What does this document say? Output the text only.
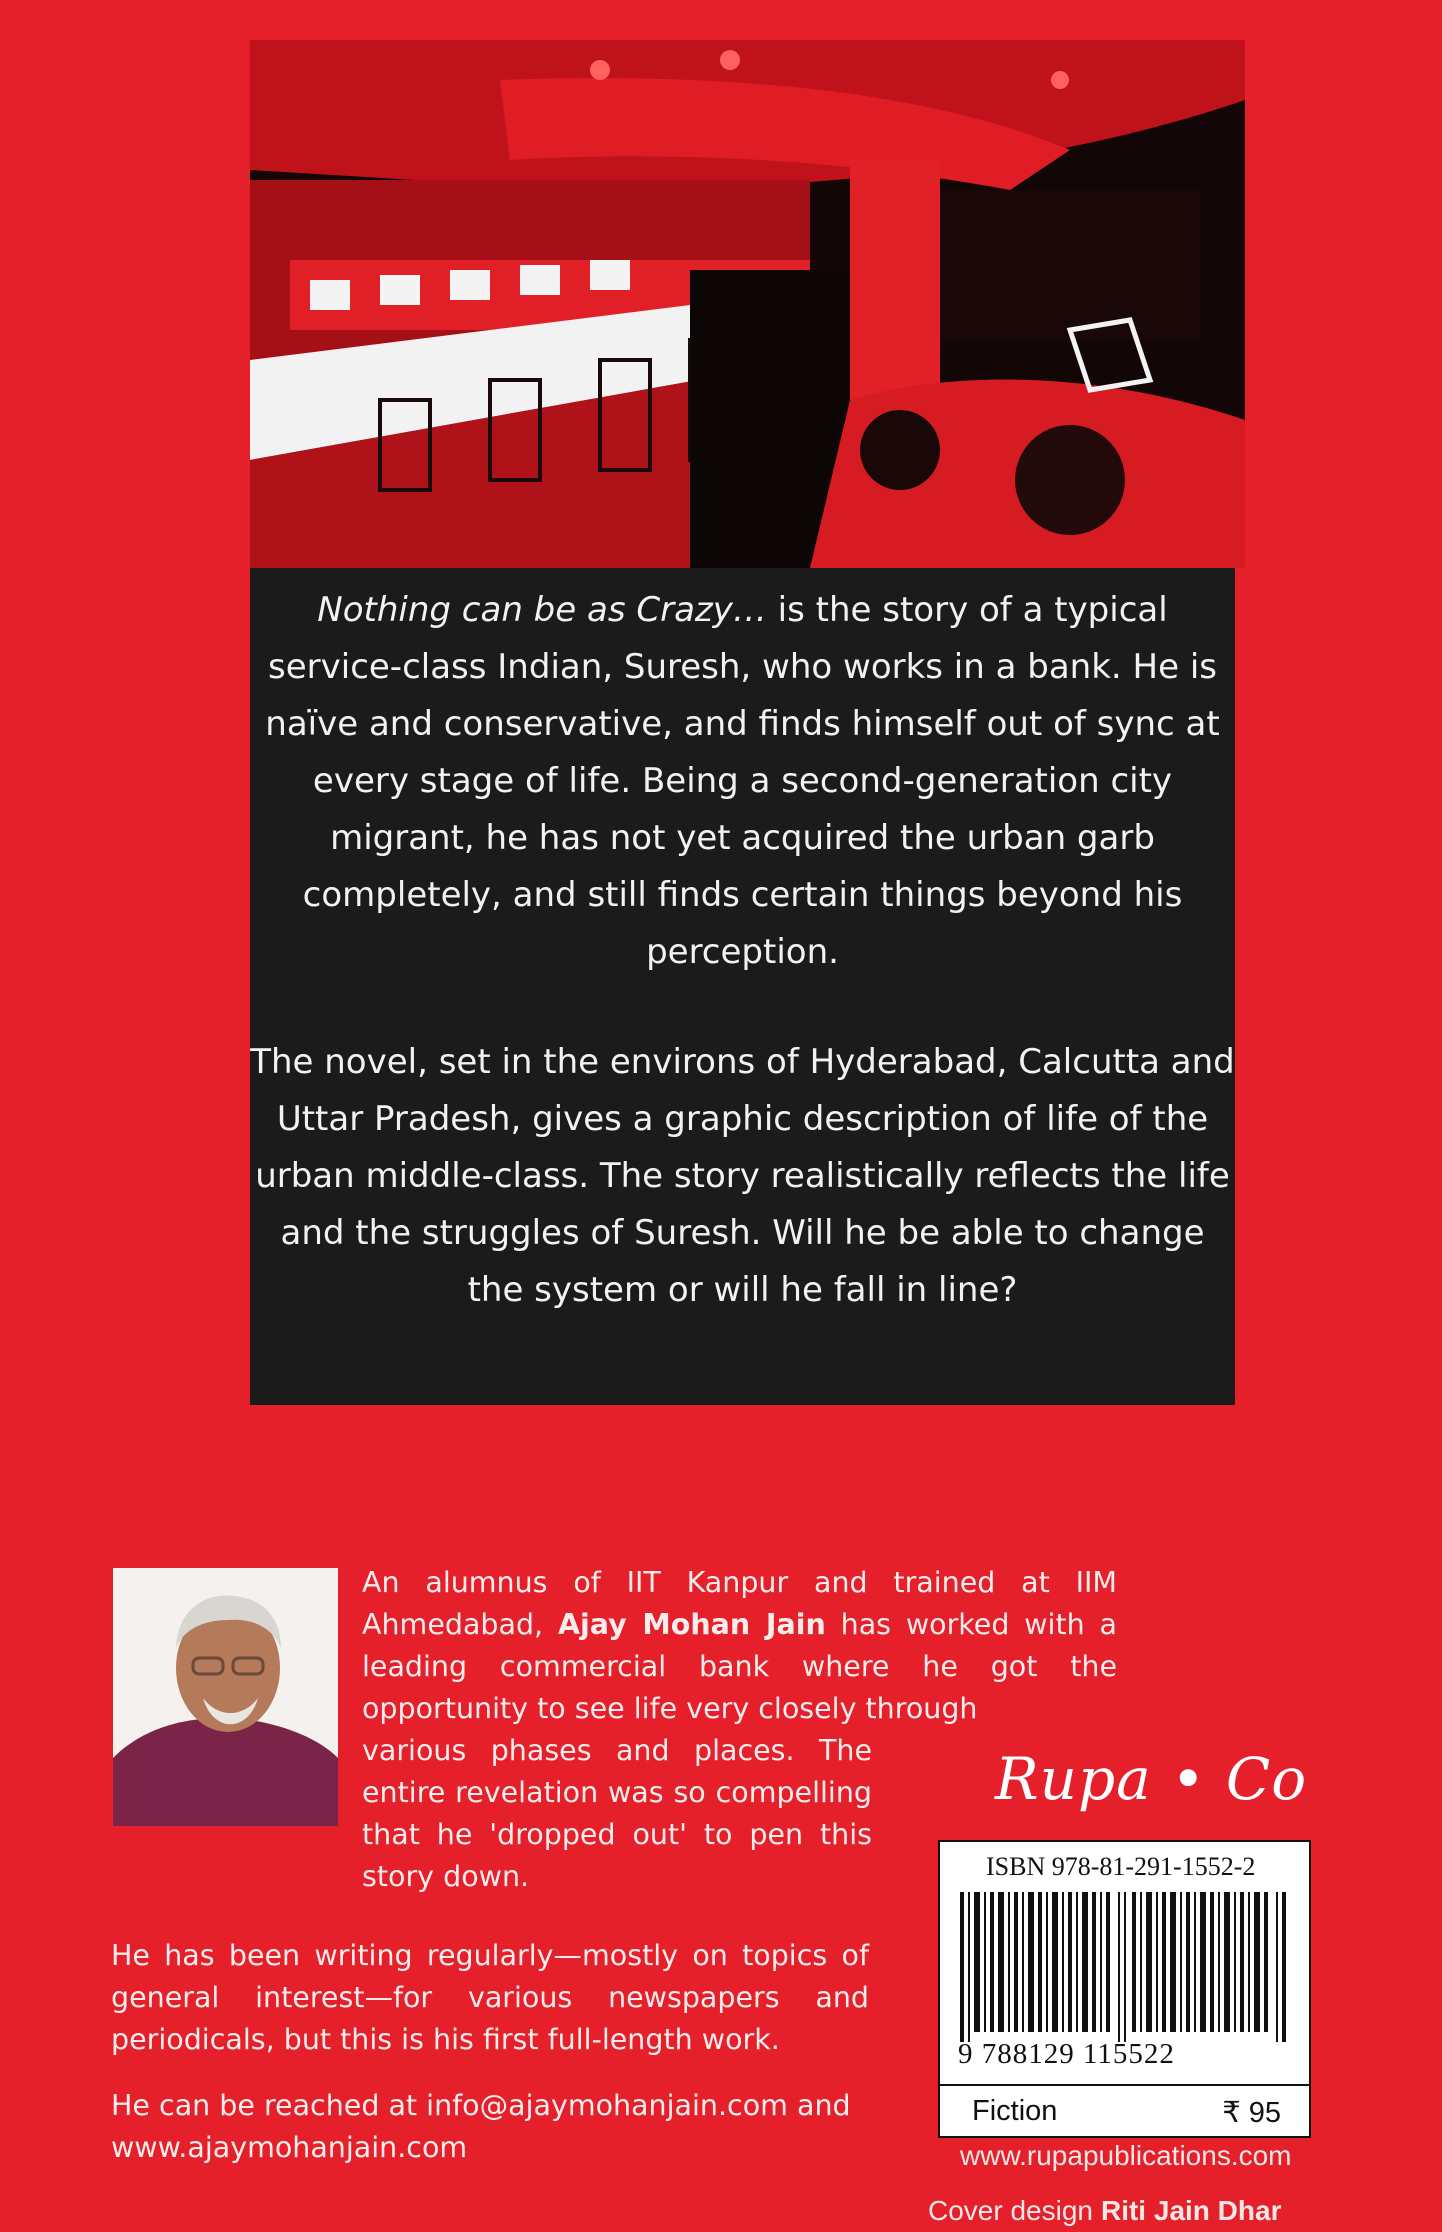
Nothing can be as Crazy… is the story of a typical service-class Indian, Suresh, who works in a bank. He is naïve and conservative, and finds himself out of sync at every stage of life. Being a second-generation city migrant, he has not yet acquired the urban garb completely, and still finds certain things beyond his perception.

The novel, set in the environs of Hyderabad, Calcutta and Uttar Pradesh, gives a graphic description of life of the urban middle-class. The story realistically reflects the life and the struggles of Suresh. Will he be able to change the system or will he fall in line?

An alumnus of IIT Kanpur and trained at IIM Ahmedabad, Ajay Mohan Jain has worked with a leading commercial bank where he got the opportunity to see life very closely through
various phases and places. The entire revelation was so compelling that he 'dropped out' to pen this story down.
He has been writing regularly—mostly on topics of general interest—for various newspapers and periodicals, but this is his first full-length work.
He can be reached at info@ajaymohanjain.com and www.ajaymohanjain.com
Rupa • Co
ISBN 978-81-291-1552-2
9 788129 115522
Fiction	₹ 95
www.rupapublications.com
Cover design Riti Jain Dhar
